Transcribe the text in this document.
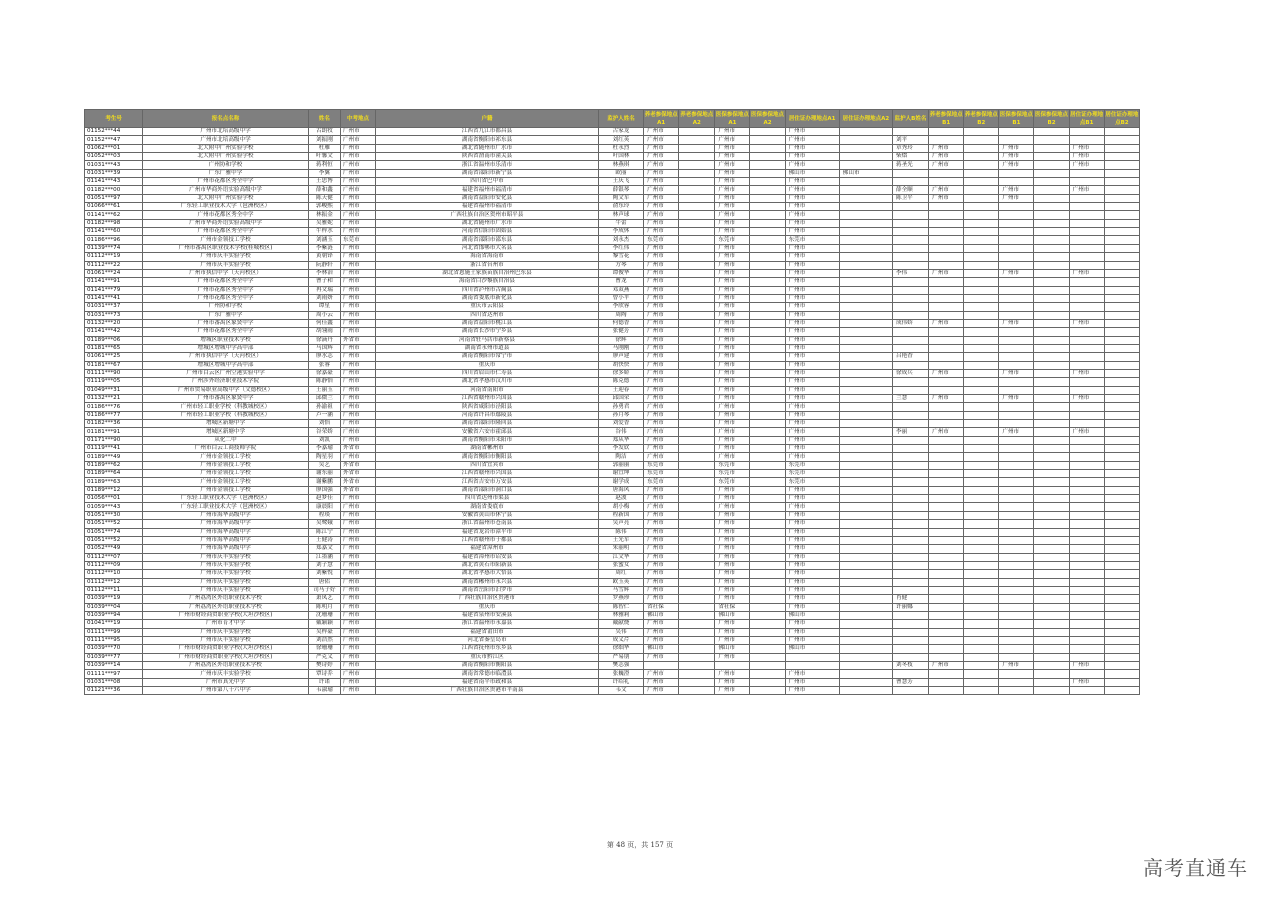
考生号	报名点名称	姓名	中考地点	户籍	监护人姓名	养老参保地点A1	养老参保地点A2	医保参保地点A1	医保参保地点A2	居住证办理地点A1	居住证办理地点A2	监护人B姓名	养老参保地点B1	养老参保地点B2	医保参保地点B1	医保参保地点B2	居住证办理地点B1	居住证办理地点B2
01152***44	广州市北培高级中学	古朗牧	广州市	江西省九江市都昌县	古家龙	广州市		广州市		广州市								
01152***47	广州市北培高级中学	刘振刚	广州市	湖南省衡阳市祁东县	刘红英	广州市		广州市		广州市		刘平						
01062***01	北大附中广州实验学校	杜雁	广州市	湖北省随州市广水市	杜永烈	广州市		广州市		广州市		章秀玲	广州市		广州市		广州市	
01052***03	北大附中广州实验学校	叶馨文	广州市	陕西省渭南市潼关县	叶国林	广州市		广州市		广州市		柴熠	广州市		广州市		广州市	
01031***43	广州协和学校	蒋利恒	广州市	浙江省温州市乐清市	林燕琪	广州市		广州市		广州市		蒋圣光	广州市		广州市		广州市	
01031***39	广东广雅中学	李翼	广州市	湖南省邵阳市新宁县	欧丽	广州市		广州市		佛山市	佛山市							
01141***43	广州市花都区秀全中学	王思博	广州市	四川省巴中市	王庆飞	广州市		广州市		广州市								
01182***00	广州市华商外语实验高级中学	薛和鑫	广州市	福建省福州市福清市	薛银琴	广州市		广州市		广州市		薛全顺	广州市		广州市		广州市	
01051***97	北大附中广州实验学校	陈天健	广州市	湖南省益阳市安化县	陶文军	广州市		广州市		广州市		陈卫平	广州市		广州市			
01066***61	广东轻工职业技术大学（琶洲校区）	郭峻熙	广州市	福建省福州市福清市	俞东玲	广州市		广州市		广州市								
01141***62	广州市花都区秀全中学	林振金	广州市	广西壮族自治区贺州市昭平县	林声球	广州市		广州市		广州市								
01182***98	广州市华商外语实验高级中学	吴雅妮	广州市	湖北省随州市广水市	牛蕾	广州市		广州市		广州市								
01141***60	广州市花都区秀全中学	牛梓水	广州市	河南省信阳市固始县	李成休	广州市		广州市		广州市								
01186***96	广州市金领技工学校	刘涵玉	东莞市	湖南省邵阳市邵东县	刘永杰	东莞市		东莞市		东莞市								
01139***74	广州市番禺区职业技术学校(桂城校区)	李紫涟	广州市	河北省邯郸市大名县	李红伟	广州市		广州市		广州市								
01112***19	广州市庆丰实验学校	黄朝铎	广州市	海南省海南市	黎雪花	广州市		广州市		广州市								
01112***22	广州市庆丰实验学校	阮静轩	广州市	浙江省台州市	方琴	广州市		广州市		广州市								
01061***24	广州市执信中学（天河校区）	李林治	广州市	湖北省恩施土家族苗族自治州巴东县	谭俊华	广州市		广州市		广州市		李伟	广州市		广州市		广州市	
01141***91	广州市花都区秀全中学	曹子和	广州市	海南省白沙黎族自治县	曹龙	广州市		广州市		广州市								
01141***79	广州市花都区秀全中学	冉文瑞	广州市	四川省泸州市古蔺县	邓双燕	广州市		广州市		广州市								
01141***41	广州市花都区秀全中学	刘雨妍	广州市	湖南省娄底市新化县	曾小平	广州市		广州市		广州市								
01031***37	广州协和学校	谭星	广州市	重庆市云阳县	李欣蓉	广州市		广州市		广州市								
01031***73	广东广雅中学	周小云	广州市	四川省达州市	周陶	广州市		广州市		广州市								
01132***20	广州市番禺区象贤中学	何佳鑫	广州市	湖南省益阳市桃江县	何德香	广州市		广州市		广州市		成伟娇	广州市		广州市		广州市	
01141***42	广州市花都区秀全中学	胡翎雨	广州市	湖南省长沙市宁乡县	张健芳	广州市		广州市		广州市								
01189***06	增城区职业技术学校	徐滴丹	外省市	河南省驻马店市新蔡县	徐辉	广州市		广州市		广州市								
01181***65	增城区增城中学高中部	马国辉	广州市	湖南省永州市道县	马刚刚	广州市		广州市		广州市								
01061***25	广州市执信中学（天河校区）	廖水志	广州市	湖南省衡阳市常宁市	廖声建	广州市		广州市		广州市		吕艳香						
01181***67	增城区增城中学高中部	张睿	广州市	重庆市	胡快快	广州市		广州市		广州市								
01111***90	广州市白云区广州空港实验中学	徐嘉豪	广州市	四川省眉山市仁寿县	徐多娇	广州市		广州市		广州市		徐成兵	广州市		广州市		广州市	
01119***05	广州涉外经济职业技术学院	陈静怡	广州市	湖北省孝感市汉川市	陈克德	广州市		广州市		广州市								
01049***31	广州市贸易职业高级中学（文德校区）	王丽玉	广州市	河南省南阳市	王迎春	广州市		广州市		广州市								
01132***21	广州市番禺区象贤中学	邱微兰	广州市	江西省赣州市兴国县	邱国荣	广州市		广州市		广州市		兰慧	广州市		广州市		广州市	
01186***76	广州市轻工职业学校（科教城校区）	孙渝祖	广州市	陕西省咸阳市泾阳县	孙勇君	广州市		广州市		广州市								
01186***77	广州市轻工职业学校（科教城校区）	卢一涵	广州市	河南省许昌市鄢陵县	孙月琴	广州市		广州市		广州市								
01182***36	增城区新塘中学	刘怡	广州市	湖南省邵阳市隆回县	刘爱香	广州市		广州市		广州市								
01181***91	增城区新塘中学	谷荣娇	广州市	安徽省六安市霍邱县	谷伟	广州市		广州市		广州市		李丽	广州市		广州市		广州市	
01171***90	从化二中	刘凯	广州市	湖南省衡阳市耒阳市	郑从华	广州市		广州市		广州市								
01119***41	广州市白云工商技师学院	李嘉瑜	外省市	湖南省郴州市	李发钦	广州市		广州市		广州市								
01189***49	广州市金领技工学校	陶星羽	广州市	湖南省衡阳市衡阳县	陶洁	广州市		广州市		广州市								
01189***62	广州市金领技工学校	吴艺	外省市	四川省宜宾市	郭丽丽	东莞市		东莞市		东莞市								
01189***64	广州市金领技工学校	谢东丽	外省市	江西省赣州市兴国县	谢宜坤	东莞市		东莞市		东莞市								
01189***63	广州市金领技工学校	谢紫鹏	外省市	江西省吉安市万安县	谢学成	东莞市		东莞市		东莞市								
01189***12	广州市金领技工学校	廖国强	外省市	湖南省邵阳市洞口县	唐海风	广州市		广州市		广州市								
01056***01	广东轻工职业技术大学（琶洲校区）	赵梦佳	广州市	四川省达州市渠县	赵波	广州市		广州市		广州市								
01059***43	广东轻工职业技术大学（琶洲校区）	康晨阳	广州市	湖南省娄底市	胡小梅	广州市		广州市		广州市								
01051***30	广州市海华高级中学	程琰	广州市	安徽省黄山市休宁县	程新国	广州市		广州市		广州市								
01051***52	广州市海华高级中学	吴鹭娥	广州市	浙江省温州市苍南县	吴声亮	广州市		广州市		广州市								
01051***74	广州市海华高级中学	陈江宁	广州市	福建省龙岩市漳平市	陈伟	广州市		广州市		广州市								
01051***52	广州市海华高级中学	王健涛	广州市	江西省赣州市于都县	王光军	广州市		广州市		广州市								
01052***49	广州市海华高级中学	郑嘉文	广州市	福建省漳州市	朱丽明	广州市		广州市		广州市								
01112***07	广州市庆丰实验学校	江墨涵	广州市	福建省漳州市诏安县	江文华	广州市		广州市		广州市								
01112***09	广州市庆丰实验学校	刘子慧	广州市	湖北省黄石市阳新县	张蜜女	广州市		广州市		广州市								
01112***10	广州市庆丰实验学校	刘紫悦	广州市	湖北省孝感市大悟县	周红	广州市		广州市		广州市								
01112***12	广州市庆丰实验学校	唐佑	广州市	湖南省郴州市永兴县	欧玉英	广州市		广州市		广州市								
01112***11	广州市庆丰实验学校	司马子好	广州市	湖南省岳阳市汨罗市	马雪辉	广州市		广州市		广州市								
01039***19	广州荔湾区外语职业技术学校	萧凤艺	广州市	广西壮族自治区贵港市	罗燕珍	广州市		广州市		广州市		肖健						
01039***04	广州荔湾区外语职业技术学校	陈明月	广州市	重庆市	陈智仁	省社保		省社保		广州市		许丽娜						
01039***94	广州市财经商贸职业学校(大坦沙校区)	沈珊珊	广州市	福建省泉州市安溪县	林雅莉	佛山市		佛山市		佛山市								
01041***19	广州市育才中学	戴颖颖	广州市	浙江省温州市永嘉县	戴献烧	广州市		广州市		广州市								
01111***99	广州市庆丰实验学校	吴梓豪	广州市	福建省莆田市	吴伟	广州市		广州市		广州市								
01111***95	广州市庆丰实验学校	刘浩然	广州市	河北省秦皇岛市	成义芹	广州市		广州市		广州市								
01039***70	广州市财经商贸职业学校(大坦沙校区)	徐珊珊	广州市	江西省抚州市东乡县	徐细华	佛山市		佛山市		佛山市								
01039***77	广州市财经商贸职业学校(大坦沙校区)	严克义	广州市	重庆市黔江区	严易朋	广州市		广州市										
01039***14	广州荔湾区外语职业技术学校	樊诗婷	广州市	湖南省衡阳市衡阳县	樊志强							刘冬枝	广州市		广州市		广州市	
01111***97	广州市庆丰实验学校	覃诗乔	广州市	湖南省常德市临澧县	张巍澄	广州市		广州市		广州市								
01031***08	广州市真光中学	许诺	广州市	福建省南平市政和县	许绍礼	广州市		广州市		广州市		曹慧芳					广州市	
01121***36	广州市第八十六中学	韦淑瑜	广州市	广西壮族自治区贵港市平南县	韦文	广州市		广州市		广州市								
第 48 页，共 157 页
高考直通车
